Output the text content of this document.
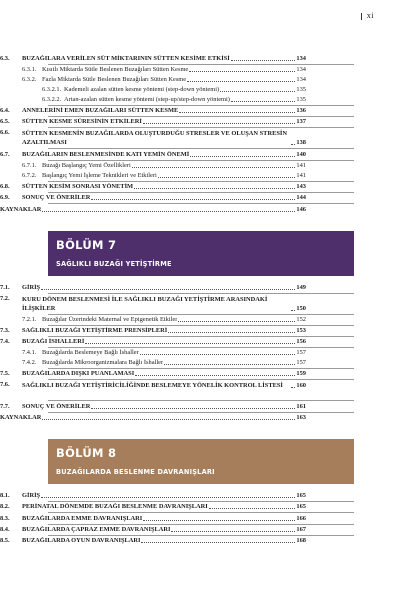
xi
6.3.	BUZAĞILARA VERİLEN SÜT MİKTARININ SÜTTEN KESİME ETKİSİ	134
6.3.1. Kısıtlı Miktarda Sütle Beslenen Buzağıları Sütten Kesme	134
6.3.2. Fazla Miktarda Sütle Beslenen Buzağıları Sütten Kesme	134
6.3.2.1. Kademeli azalan sütten kesme yöntemi (step-down yöntemi)	135
6.3.2.2. Artan-azalan sütten kesme yöntemi (step-up/step-down yöntemi)	135
6.4.	ANNELERİNİ EMEN BUZAĞILARI SÜTTEN KESME	136
6.5.	SÜTTEN KESME SÜRESİNİN ETKİLERİ	137
6.6.	SÜTTEN KESMENİN BUZAĞILARDA OLUŞTURDUĞU STRESLER VE OLUŞAN STRESİN AZALTILMASI	138
6.7.	BUZAĞILARIN BESLENMESİNDE KATI YEMİN ÖNEMİ	140
6.7.1. Buzağı Başlangıç Yemi Özellikleri	141
6.7.2. Başlangıç Yemi İşleme Teknikleri ve Etkileri	141
6.8.	SÜTTEN KESİM SONRASI YÖNETİM	143
6.9.	SONUÇ VE ÖNERİLER	144
KAYNAKLAR	146
BÖLÜM 7
SAĞLIKLI BUZAĞI YETİŞTİRME
7.1.	GİRİŞ	149
7.2.	KURU DÖNEM BESLENMESİ İLE SAĞLIKLI BUZAĞI YETİŞTİRME ARASINDAKİ İLİŞKİLER	150
7.2.1. Buzağılar Üzerindeki Maternal ve Epigenetik Etkiler	152
7.3.	SAĞLIKLI BUZAĞI YETİŞTİRME PRENSİPLERİ	153
7.4.	BUZAĞI İSHALLERİ	156
7.4.1. Buzağılarda Beslemeye Bağlı İshaller	157
7.4.2. Buzağılarda Mikroorganizmalara Bağlı İshaller	157
7.5.	BUZAĞILARDA DIŞKI PUANLAMASI	159
7.6.	SAĞLIKLI BUZAĞI YETİŞTİRİCİLİĞİNDE BESLEMEYE YÖNELİK KONTROL LİSTESİ	160
7.7.	SONUÇ VE ÖNERİLER	161
KAYNAKLAR	163
BÖLÜM 8
BUZAĞILARDA BESLENME DAVRANIŞLARI
8.1.	GİRİŞ	165
8.2.	PERİNATAL DÖNEMDE BUZAĞI BESLENME DAVRANIŞLARI	165
8.3.	BUZAĞILARDA EMME DAVRANIŞLARI	166
8.4.	BUZAĞILARDA ÇAPRAZ EMME DAVRANIŞLARI	167
8.5.	BUZAĞILARDA OYUN DAVRANIŞLARI	168
